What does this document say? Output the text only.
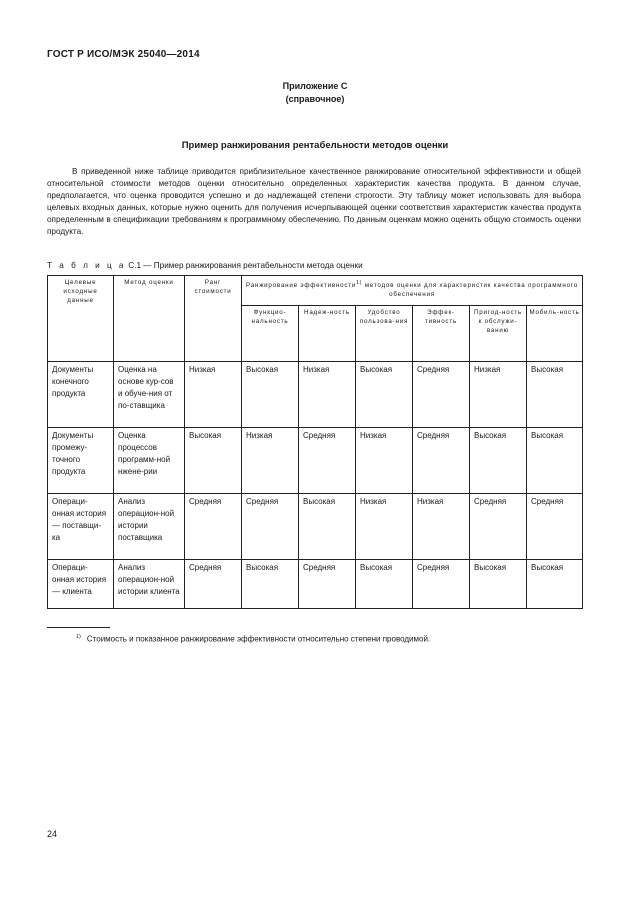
ГОСТ Р ИСО/МЭК 25040—2014
Приложение С
(справочное)
Пример ранжирования рентабельности методов оценки

В приведенной ниже таблице приводится приблизительное качественное ранжирование относительной эффективности и общей относительной стоимости методов оценки относительно определенных характеристик качества продукта. В данном случае, предполагается, что оценка проводится успешно и до надлежащей степени строгости. Эту таблицу может использовать для выбора целевых входных данных, которые нужно оценить для получения исчерпывающей оценки соответствия характеристик качества продукта определенным в спецификации требованиям к программному обеспечению. По данным оценкам можно оценить общую стоимость оценки продукта.

Т а б л и ц а С.1 — Пример ранжирования рентабельности метода оценки
Целевые исходные данные	Метод оценки	Ранг стоимости	Ранжирование эффективности$^{1)}$ методов оценки для характеристик качества программного обеспечения					
			Функцио-нальность	Надеж-ность	Удобство пользова-ния	Эффек-тивность	Пригод-ность к обслужи-ванию	Мобиль-ность
Документы конечного продукта	Оценка на основе кур-сов и обуче-ния от по-ставщика	Низкая	Высокая	Низкая	Высокая	Средняя	Низкая	Высокая
Документы промежу-точного продукта	Оценка процессов программ-ной нжене-рии	Высокая	Низкая	Средняя	Низкая	Средняя	Высокая	Высокая
Операци-онная история — поставщи-ка	Анализ операцион-ной истории поставщика	Средняя	Средняя	Высокая	Низкая	Низкая	Средняя	Средняя
Операци-онная история — клиента	Анализ операцион-ной истории клиента	Средняя	Высокая	Средняя	Высокая	Средняя	Высокая	Высокая
$^{1)}$ Стоимость и показанное ранжирование эффективности относительно степени проводимой.
24
